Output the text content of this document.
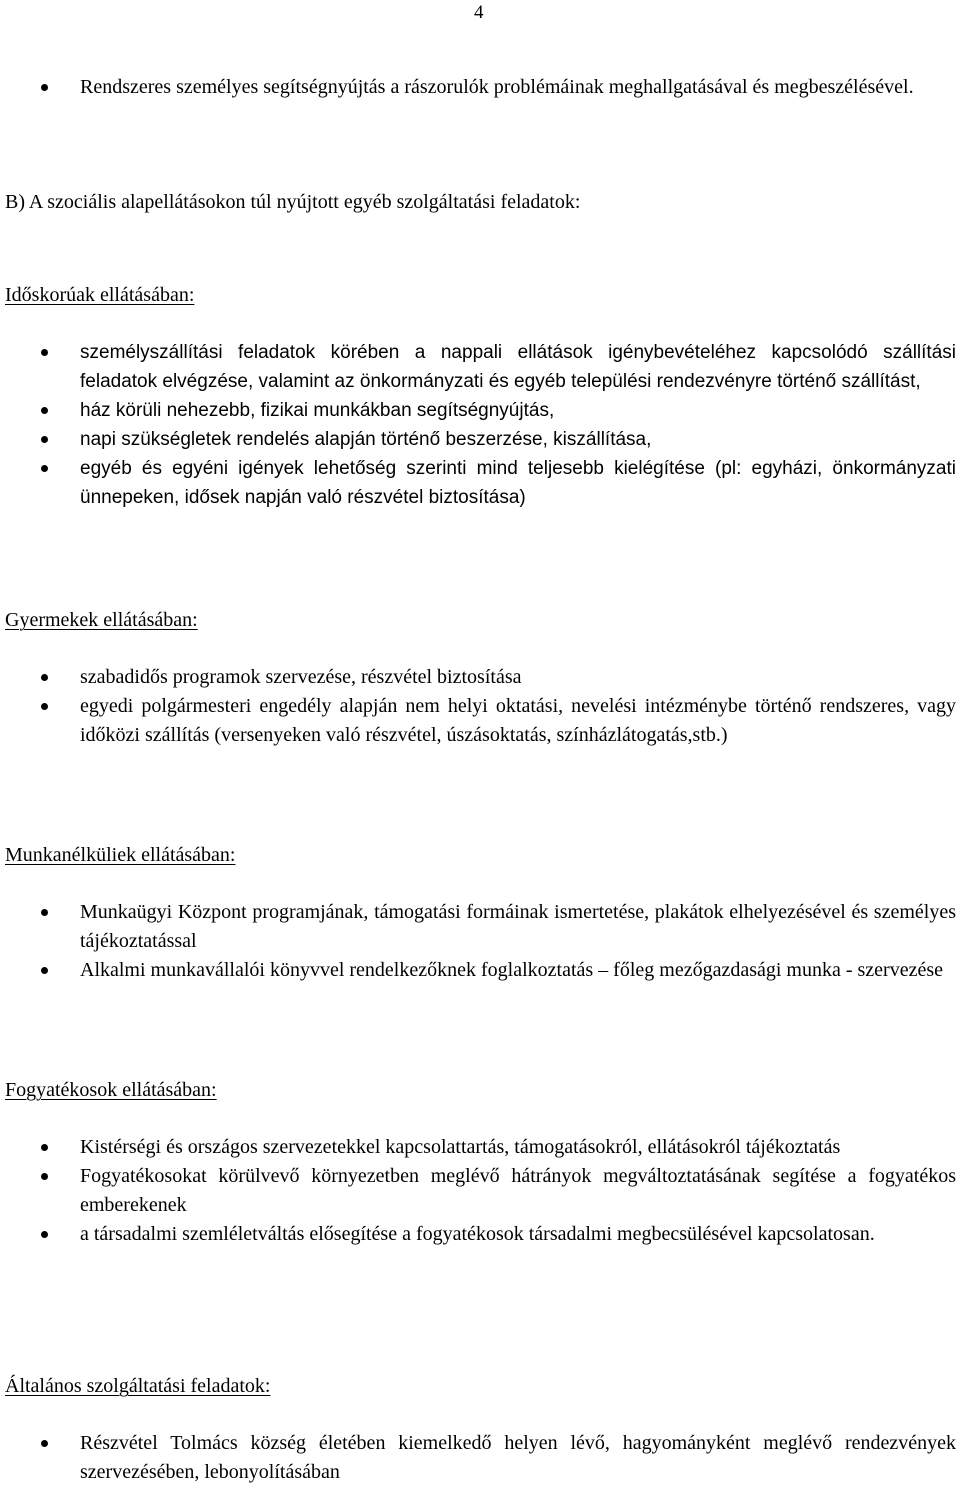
4
Rendszeres személyes segítségnyújtás a rászorulók problémáinak meghallgatásával és megbeszélésével.
B) A szociális alapellátásokon túl nyújtott egyéb szolgáltatási feladatok:
Időskorúak ellátásában:
személyszállítási feladatok körében a nappali ellátások igénybevételéhez kapcsolódó szállítási feladatok elvégzése, valamint az önkormányzati és egyéb települési rendezvényre történő szállítást,
ház körüli nehezebb, fizikai munkákban segítségnyújtás,
napi szükségletek rendelés alapján történő beszerzése, kiszállítása,
egyéb és egyéni igények lehetőség szerinti mind teljesebb kielégítése (pl: egyházi, önkormányzati ünnepeken, idősek napján való részvétel biztosítása)
Gyermekek ellátásában:
szabadidős programok szervezése, részvétel biztosítása
egyedi polgármesteri engedély alapján nem helyi oktatási, nevelési intézménybe történő rendszeres, vagy időközi szállítás (versenyeken való részvétel, úszásoktatás, színházlátogatás,stb.)
Munkanélküliek ellátásában:
Munkaügyi Központ programjának, támogatási formáinak ismertetése, plakátok elhelyezésével és személyes tájékoztatással
Alkalmi munkavállalói könyvvel rendelkezőknek foglalkoztatás – főleg mezőgazdasági munka - szervezése
Fogyatékosok ellátásában:
Kistérségi és országos szervezetekkel kapcsolattartás, támogatásokról, ellátásokról tájékoztatás
Fogyatékosokat körülvevő környezetben meglévő hátrányok megváltoztatásának segítése a fogyatékos emberekenek
a társadalmi szemléletváltás elősegítése a fogyatékosok társadalmi megbecsülésével kapcsolatosan.
Általános szolgáltatási feladatok:
Részvétel Tolmács község életében kiemelkedő helyen lévő, hagyományként meglévő rendezvények szervezésében, lebonyolításában
